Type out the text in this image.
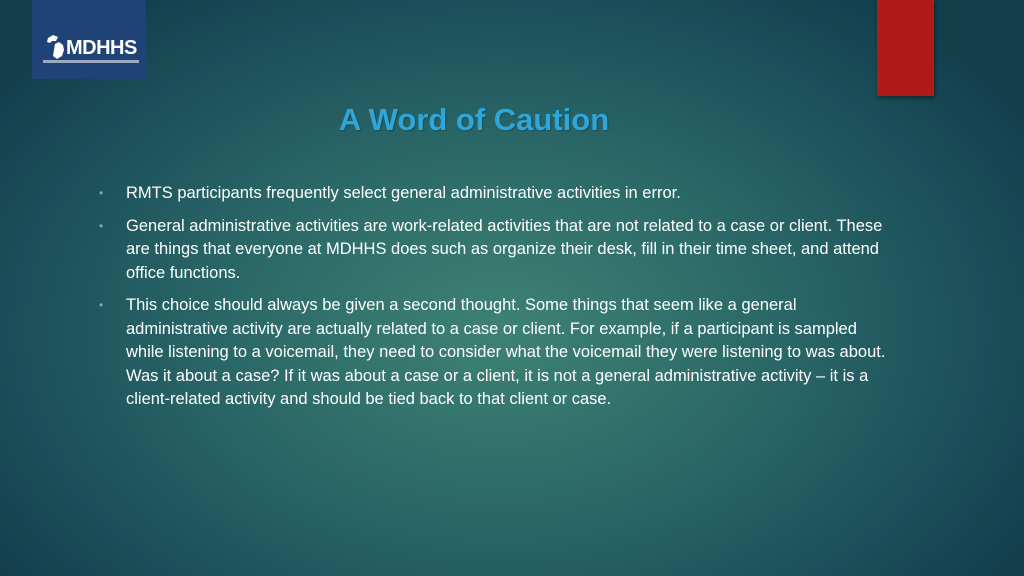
MDHHS
A Word of Caution
• RMTS participants frequently select general administrative activities in error.
• General administrative activities are work-related activities that are not related to a case or client. These are things that everyone at MDHHS does such as organize their desk, fill in their time sheet, and attend office functions.
• This choice should always be given a second thought. Some things that seem like a general administrative activity are actually related to a case or client. For example, if a participant is sampled while listening to a voicemail, they need to consider what the voicemail they were listening to was about. Was it about a case? If it was about a case or a client, it is not a general administrative activity – it is a client-related activity and should be tied back to that client or case.
